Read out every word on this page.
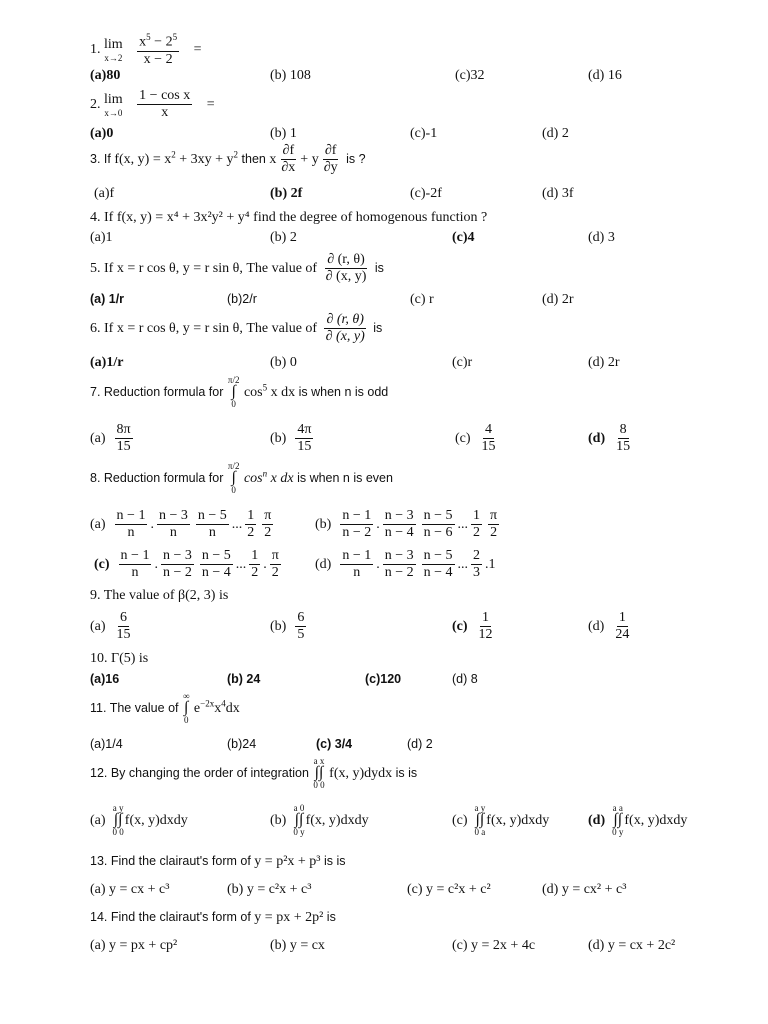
1. lim
x→2
$\frac{x^5 - 2^5}{x - 2}$ =
(a)80	(b) 108	(c)32	(d) 16
2. lim
x→0
$\frac{\text{1 − cos x}}{x}$ =
(a)0	(b) 1	(c)-1	(d) 2
3. If f(x, $y) = x^2 + 3xy + y^2$ then x $\frac{\partial f}{\partial x} + y \frac{\partial f}{\partial y}$ is ?
(a)f	(b) 2f	(c)-2f	(d) 3f
4. If f(x, y) = x⁴ + 3x²y² + y⁴ find the degree of homogenous function ?
(a)1	(b) 2	(c)4	(d) 3
5. If x = r cos θ, y = r sin θ, The value of $\frac{\partial (r, \theta)}{\partial (x, y)}$ is
(a) 1/r	(b)2/r	(c) r	(d) 2r
6. If x = r cos θ, y = r sin θ, The value of $\frac{\partial (r, \theta)}{\partial (x, y)}$ is
(a)1/r	(b) 0	(c)r	(d) 2r
7. Reduction formula for
π/2
∫
0
$\cos^5 x$ dx is when n is odd
$(a) \frac{8\pi}{15}$	$(b) \frac{4\pi}{15}$	$(c) \frac{4}{15}$	$(d) \frac{8}{15}$
8. Reduction formula for
π/2
∫
0
$\cos^n x$ dx is when n is even
$(a) \frac{n - 1}{n}$ . $\frac{n - 3}{n} \frac{n - 5}{n}$ ... $\frac{1}{2} \frac{\pi}{2}$	$(b) \frac{n - 1}{n - 2}$ . $\frac{n - 3}{n - 4} \frac{n - 5}{n - 6}$ ... $\frac{1}{2} \frac{\pi}{2}$
$(c) \frac{n - 1}{n}$ . $\frac{n - 3}{n - 2} \frac{n - 5}{n - 4}$ ... $\frac{1}{2}$ . $\frac{\pi}{2} (d) \frac{n - 1}{n}$ . $\frac{n - 3}{n - 2} \frac{n - 5}{n - 4}$ ... $\frac{2}{3} .1$
9. The value of β(2, 3) is
$(a) \frac{6}{15}$	$(b) \frac{6}{5}$	$(c) \frac{1}{12}$	$(d) \frac{1}{24}$
10. Γ(5) is
(a)16	(b) 24	(c)120	(d) 8
11. The value of
∞
∫
0
$e^{-2x}x^4dx$
(a)1/4	(b)24	(c) 3/4	(d) 2
12. By changing the order of integration
a x
∫∫
0 0
f(x, y)dydx is is
(a)
a y
∫∫
0 0
f(x, y)dxdy	(b)
a 0
∫∫
0 y
f(x, y)dxdy	(c)
a y
∫∫
0 a
f(x, y)dxdy	(d)
a a
∫∫
0 y
f(x, y)dxdy
13. Find the clairaut's form of y = p²x + p³ is is
(a) y = cx + c³	(b) y = c²x + c³	(c) y = c²x + c²	(d) y = cx² + c³
14. Find the clairaut's form of y = px + 2p² is
(a) y = px + cp²	(b) y = cx	(c) y = 2x + 4c	(d) y = cx + 2c²
